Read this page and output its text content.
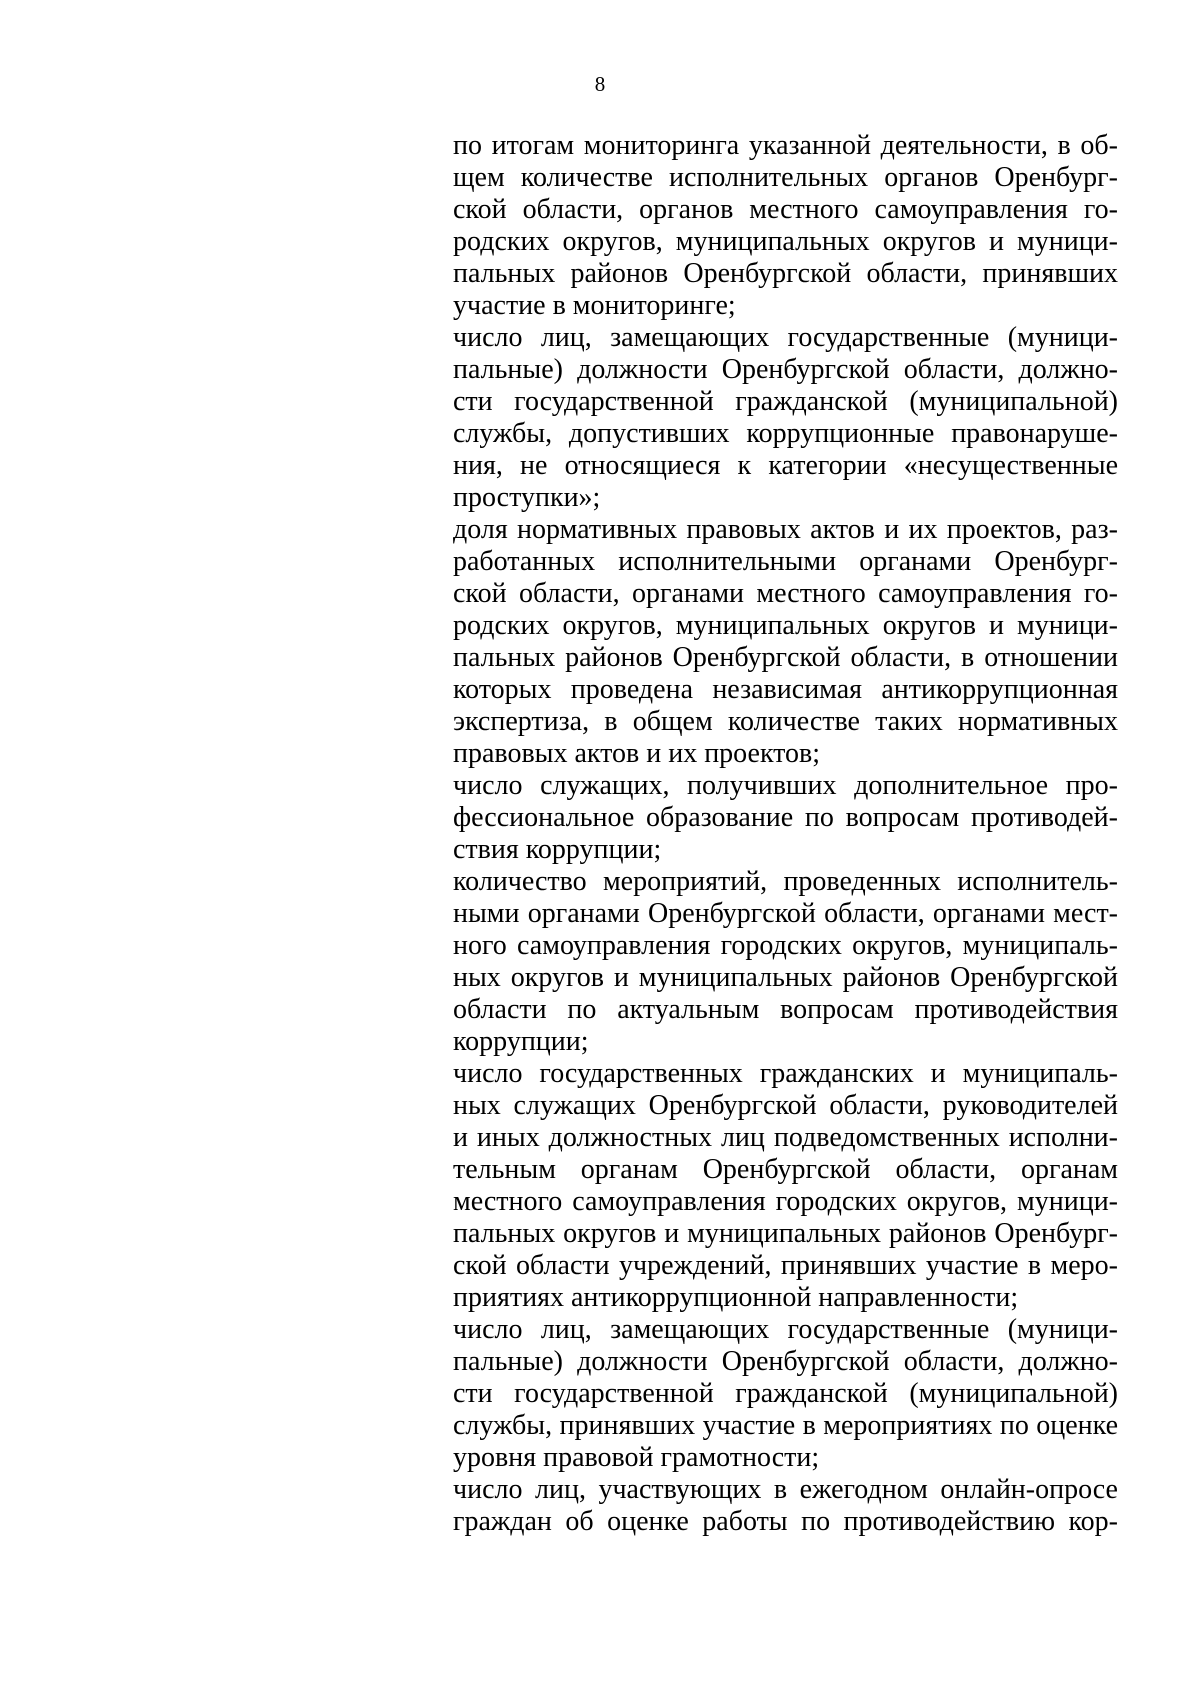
8
по итогам мониторинга указанной деятельности, в об-
щем количестве исполнительных органов Оренбург-
ской области, органов местного самоуправления го-
родских округов, муниципальных округов и муници-
пальных районов Оренбургской области, принявших
участие в мониторинге;
число лиц, замещающих государственные (муници-
пальные) должности Оренбургской области, должно-
сти государственной гражданской (муниципальной)
службы, допустивших коррупционные правонаруше-
ния, не относящиеся к категории «несущественные
проступки»;
доля нормативных правовых актов и их проектов, раз-
работанных исполнительными органами Оренбург-
ской области, органами местного самоуправления го-
родских округов, муниципальных округов и муници-
пальных районов Оренбургской области, в отношении
которых проведена независимая антикоррупционная
экспертиза, в общем количестве таких нормативных
правовых актов и их проектов;
число служащих, получивших дополнительное про-
фессиональное образование по вопросам противодей-
ствия коррупции;
количество мероприятий, проведенных исполнитель-
ными органами Оренбургской области, органами мест-
ного самоуправления городских округов, муниципаль-
ных округов и муниципальных районов Оренбургской
области по актуальным вопросам противодействия
коррупции;
число государственных гражданских и муниципаль-
ных служащих Оренбургской области, руководителей
и иных должностных лиц подведомственных исполни-
тельным органам Оренбургской области, органам
местного самоуправления городских округов, муници-
пальных округов и муниципальных районов Оренбург-
ской области учреждений, принявших участие в меро-
приятиях антикоррупционной направленности;
число лиц, замещающих государственные (муници-
пальные) должности Оренбургской области, должно-
сти государственной гражданской (муниципальной)
службы, принявших участие в мероприятиях по оценке
уровня правовой грамотности;
число лиц, участвующих в ежегодном онлайн-опросе
граждан об оценке работы по противодействию кор-
